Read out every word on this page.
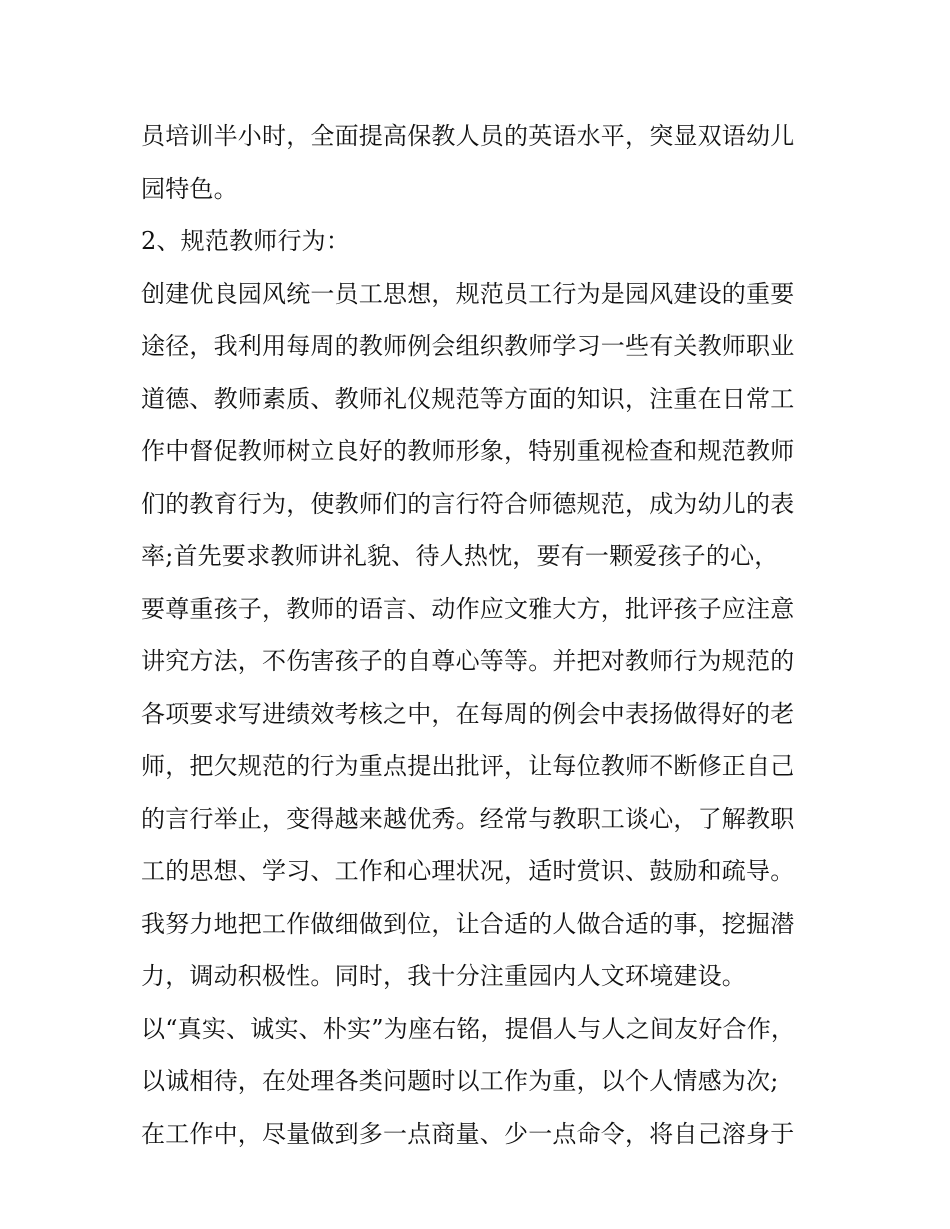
员培训半小时，全面提高保教人员的英语水平，突显双语幼儿
园特色。
2、规范教师行为：
创建优良园风统一员工思想，规范员工行为是园风建设的重要
途径，我利用每周的教师例会组织教师学习一些有关教师职业
道德、教师素质、教师礼仪规范等方面的知识，注重在日常工
作中督促教师树立良好的教师形象，特别重视检查和规范教师
们的教育行为，使教师们的言行符合师德规范，成为幼儿的表
率;首先要求教师讲礼貌、待人热忱，要有一颗爱孩子的心，
要尊重孩子，教师的语言、动作应文雅大方，批评孩子应注意
讲究方法，不伤害孩子的自尊心等等。并把对教师行为规范的
各项要求写进绩效考核之中，在每周的例会中表扬做得好的老
师，把欠规范的行为重点提出批评，让每位教师不断修正自己
的言行举止，变得越来越优秀。经常与教职工谈心，了解教职
工的思想、学习、工作和心理状况，适时赏识、鼓励和疏导。
我努力地把工作做细做到位，让合适的人做合适的事，挖掘潜
力，调动积极性。同时，我十分注重园内人文环境建设。
以“真实、诚实、朴实”为座右铭，提倡人与人之间友好合作，
以诚相待，在处理各类问题时以工作为重，以个人情感为次;
在工作中，尽量做到多一点商量、少一点命令，将自己溶身于
